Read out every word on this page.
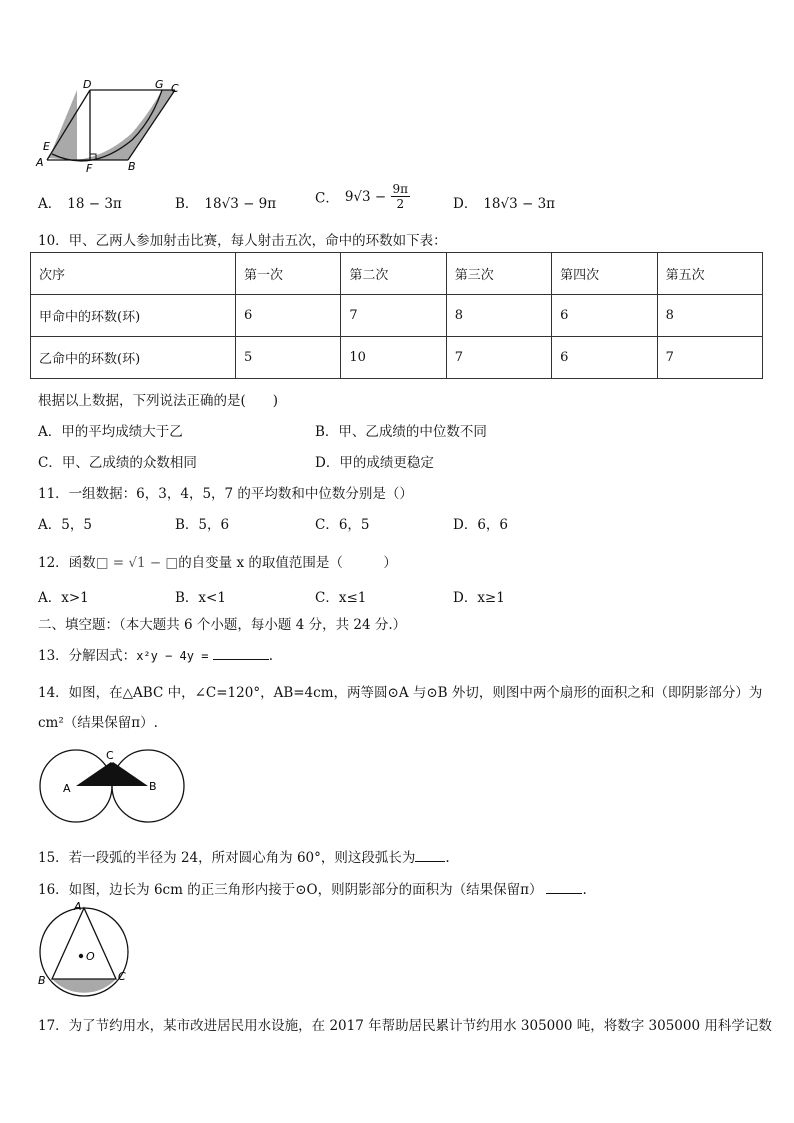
D	G C
E
A	F	B
A． 18 − 3π	B． 18√3 − 9π	C． $9√3 - \frac{9\pi}{2}$	D． 18√3 − 3π
10．甲、乙两人参加射击比赛，每人射击五次，命中的环数如下表：
次序	第一次	第二次	第三次	第四次	第五次
甲命中的环数(环)	6	7	8	6	8
乙命中的环数(环)	5	10	7	6	7
根据以上数据，下列说法正确的是(　　)
A．甲的平均成绩大于乙	B．甲、乙成绩的中位数不同
C．甲、乙成绩的众数相同	D．甲的成绩更稳定
11．一组数据：6，3，4，5，7 的平均数和中位数分别是（）
A．5，5	B．5，6	C．6，5	D．6，6
12．函数□ = √1 − □的自变量 x 的取值范围是（　　　）
A．x>1	B．x<1	C．x≤1	D．x≥1
二、填空题：（本大题共 6 个小题，每小题 4 分，共 24 分.）
13．分解因式：x²y − 4y =	.
14．如图，在△ABC 中，∠C=120°，AB=4cm，两等圆⊙A 与⊙B 外切，则图中两个扇形的面积之和（即阴影部分）为
cm²（结果保留π）.
C
A	B
15．若一段弧的半径为 24，所对圆心角为 60°，则这段弧长为 .
16．如图，边长为 6cm 的正三角形内接于⊙O，则阴影部分的面积为（结果保留π）	.
A
O
B	C
17．为了节约用水，某市改进居民用水设施，在 2017 年帮助居民累计节约用水 305000 吨，将数字 305000 用科学记数
